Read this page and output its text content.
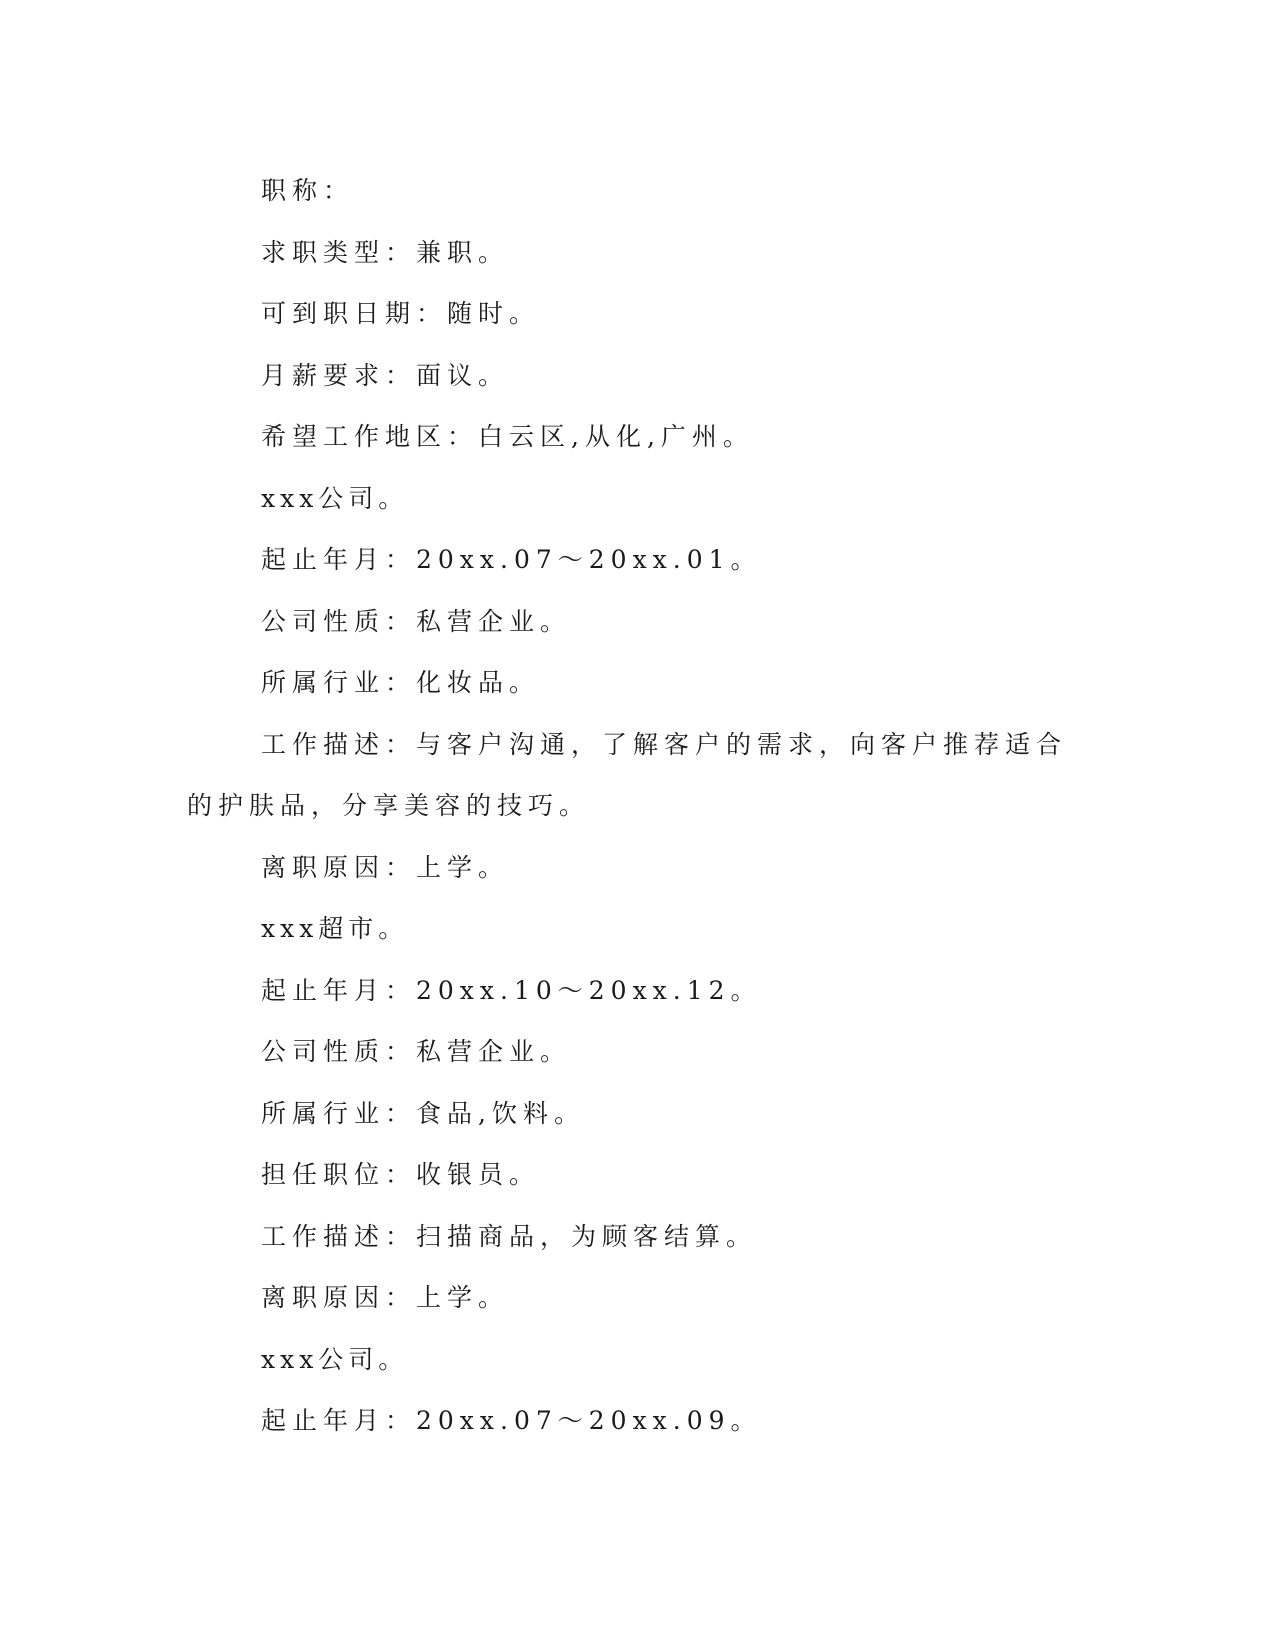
职称：

求职类型：兼职。

可到职日期：随时。

月薪要求：面议。

希望工作地区：白云区,从化,广州。

xxx公司。

起止年月：20xx.07～20xx.01。

公司性质：私营企业。

所属行业：化妆品。

工作描述：与客户沟通，了解客户的需求，向客户推荐适合的护肤品，分享美容的技巧。

离职原因：上学。

xxx超市。

起止年月：20xx.10～20xx.12。

公司性质：私营企业。

所属行业：食品,饮料。

担任职位：收银员。

工作描述：扫描商品，为顾客结算。

离职原因：上学。

xxx公司。

起止年月：20xx.07～20xx.09。
